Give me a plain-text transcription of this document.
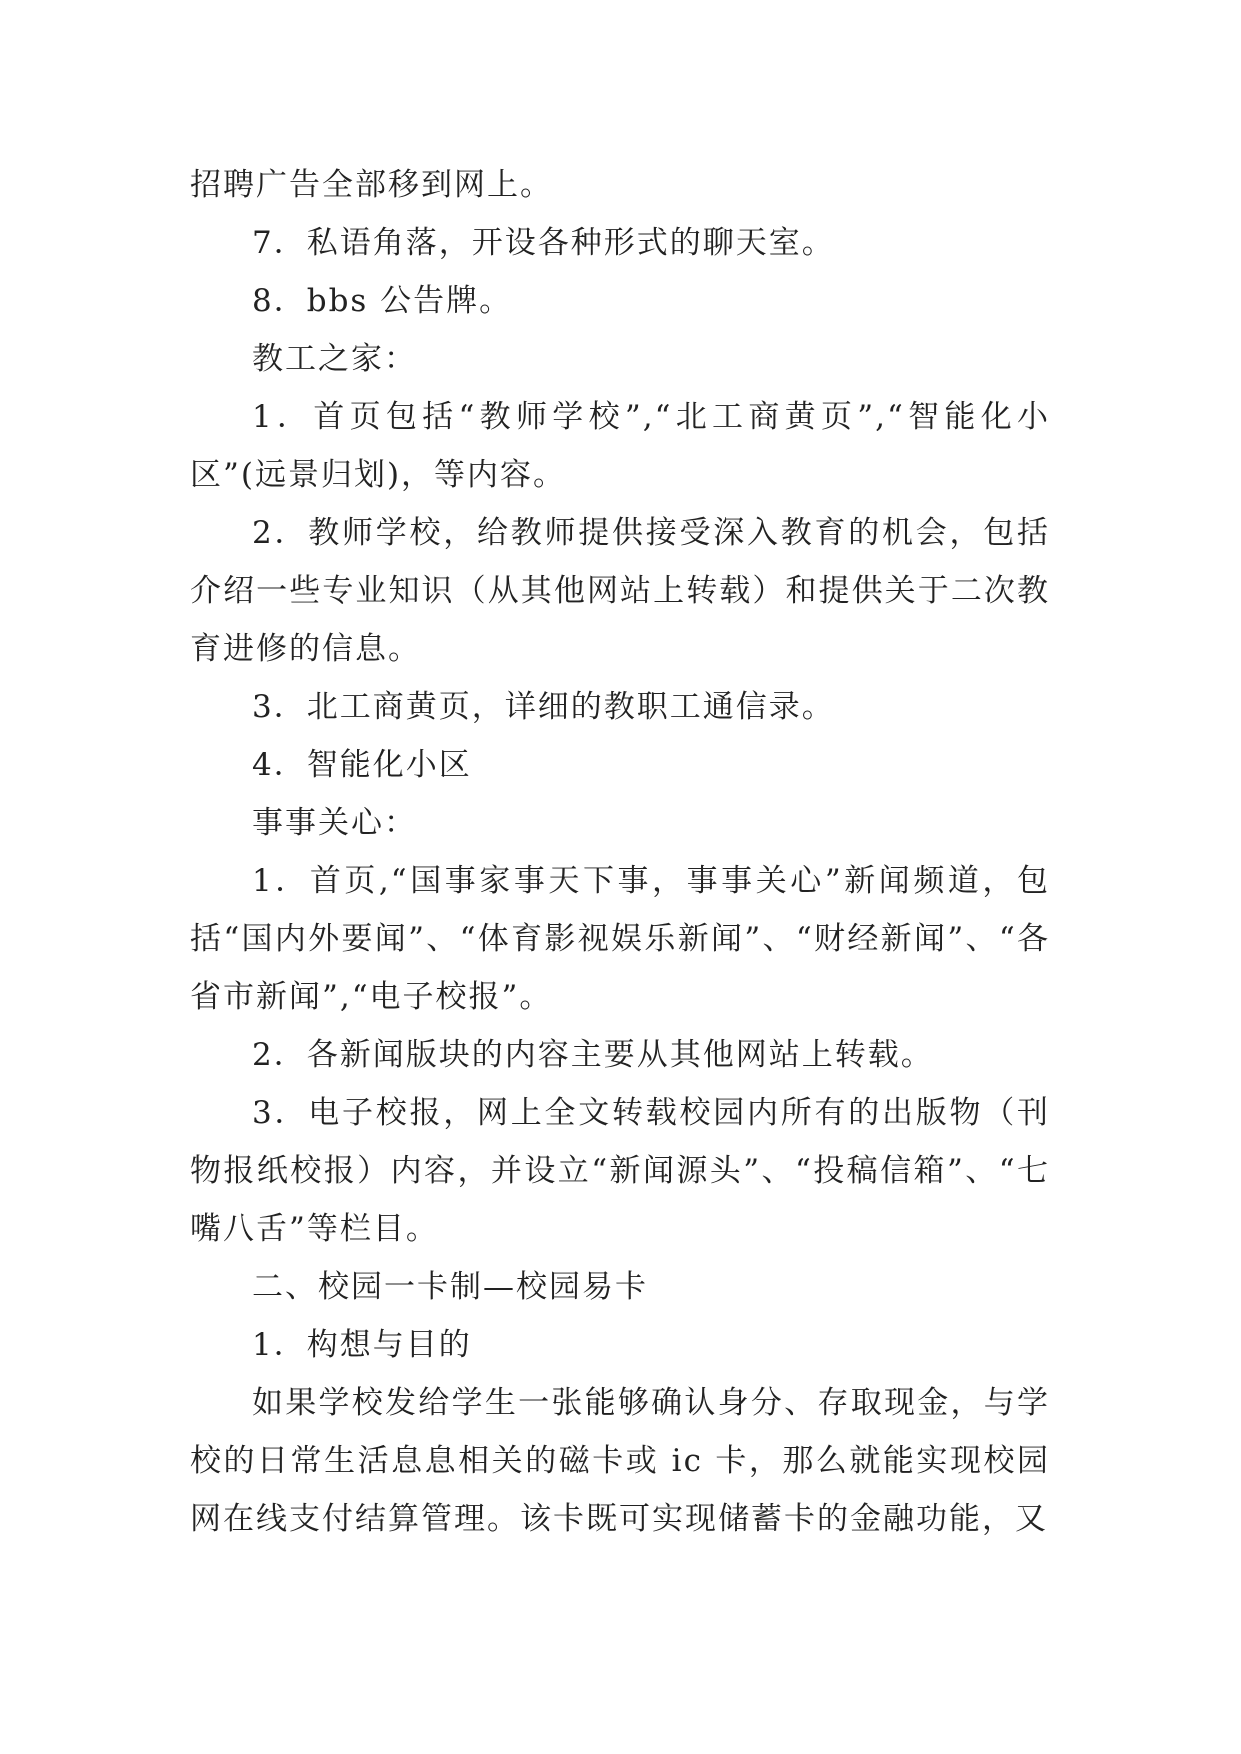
招聘广告全部移到网上。

7．私语角落，开设各种形式的聊天室。

8．bbs 公告牌。

教工之家：

1．首页包括“教师学校”,“北工商黄页”,“智能化小区”(远景归划)，等内容。

2．教师学校，给教师提供接受深入教育的机会，包括介绍一些专业知识（从其他网站上转载）和提供关于二次教育进修的信息。

3．北工商黄页，详细的教职工通信录。

4．智能化小区

事事关心：

1．首页,“国事家事天下事，事事关心”新闻频道，包括“国内外要闻”、“体育影视娱乐新闻”、“财经新闻”、“各省市新闻”,“电子校报”。

2．各新闻版块的内容主要从其他网站上转载。

3．电子校报，网上全文转载校园内所有的出版物（刊物报纸校报）内容，并设立“新闻源头”、“投稿信箱”、“七嘴八舌”等栏目。

二、校园一卡制—校园易卡

1．构想与目的

如果学校发给学生一张能够确认身分、存取现金，与学校的日常生活息息相关的磁卡或 ic 卡，那么就能实现校园网在线支付结算管理。该卡既可实现储蓄卡的金融功能，又
